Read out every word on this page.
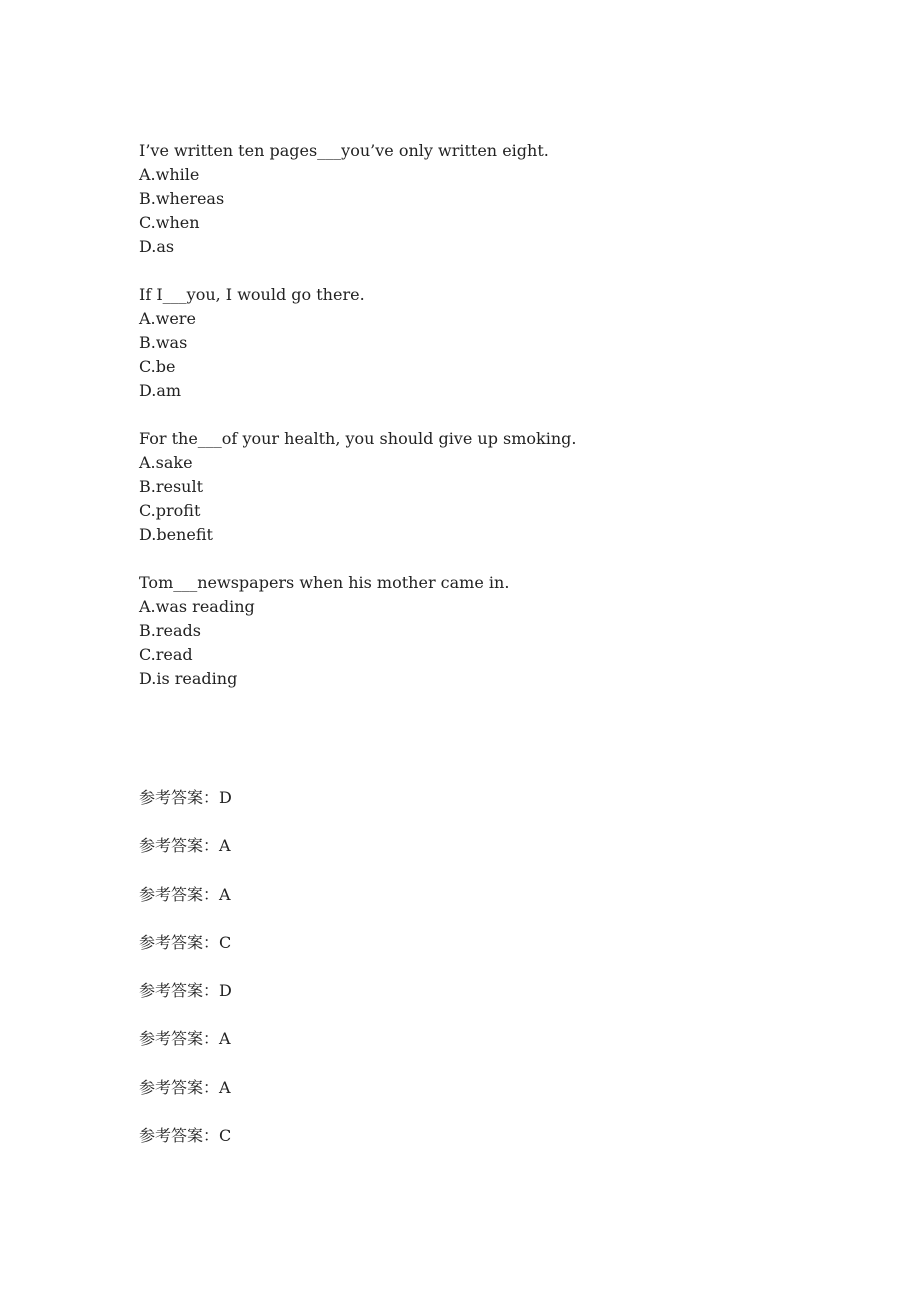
I’ve written ten pages___you’ve only written eight.
A.while
B.whereas
C.when
D.as
If I___you, I would go there.
A.were
B.was
C.be
D.am
For the___of your health, you should give up smoking.
A.sake
B.result
C.profit
D.benefit
Tom___newspapers when his mother came in.
A.was reading
B.reads
C.read
D.is reading
参考答案：D
参考答案：A
参考答案：A
参考答案：C
参考答案：D
参考答案：A
参考答案：A
参考答案：C
